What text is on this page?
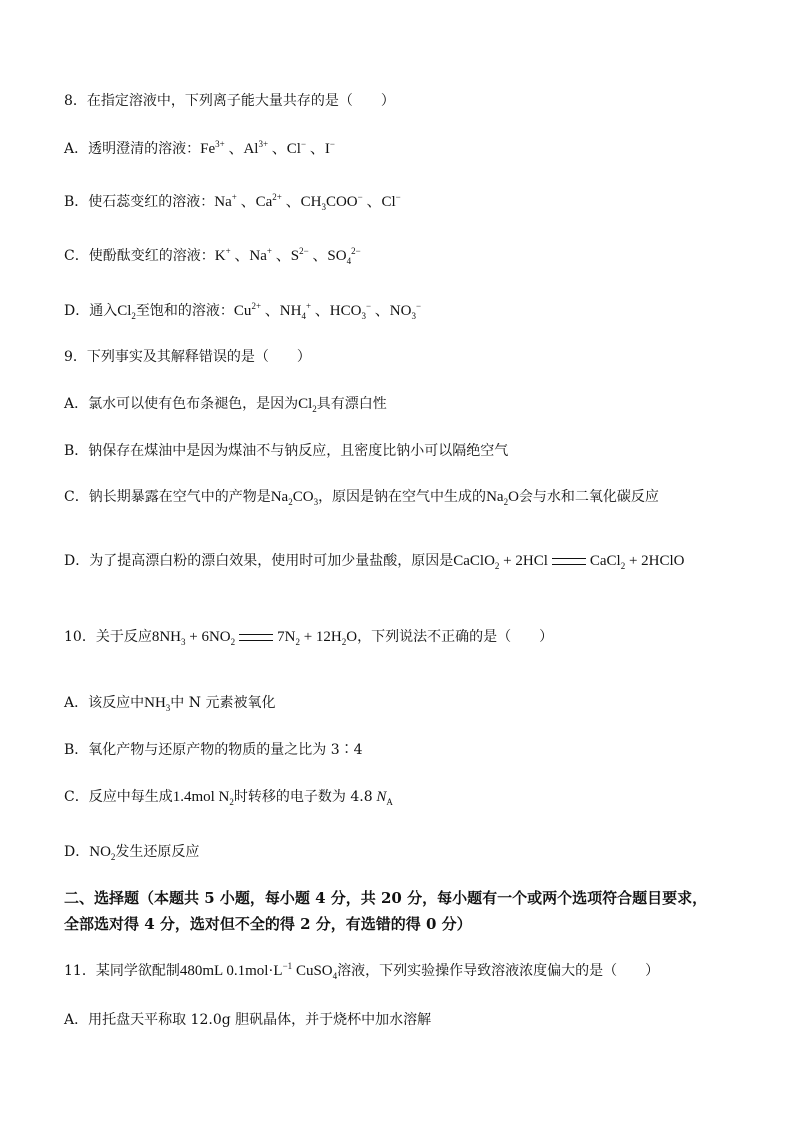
8．在指定溶液中，下列离子能大量共存的是（　　）
A．透明澄清的溶液：$Fe^{3+}$ 、$Al^{3+}$ 、Cl− 、I−
B．使石蕊变红的溶液：Na+ 、$Ca^{2+}$ 、$CH_3COO^-$ 、Cl−
C．使酚酞变红的溶液：K+ 、Na+ 、$S^{2-}$ 、$SO_4^{2-}$
D．通入$Cl_2$至饱和的溶液：$Cu^{2+}$ 、$NH_4^+$ 、$HCO_3^-$ 、$NO_3^-$
9．下列事实及其解释错误的是（　　）
A．氯水可以使有色布条褪色，是因为$Cl_2$具有漂白性
B．钠保存在煤油中是因为煤油不与钠反应，且密度比钠小可以隔绝空气
C．钠长期暴露在空气中的产物是$Na_2CO_3$，原因是钠在空气中生成的$Na_2O$会与水和二氧化碳反应
D．为了提高漂白粉的漂白效果，使用时可加少量盐酸，原因是CaClO$_2$ + 2HCl	CaCl$_2$ + 2HClO
10．关于反应$8NH_3 + 6NO_2$	$7N_2 + 12H_2O$，下列说法不正确的是（　　）
A．该反应中$NH_3$中 N 元素被氧化
B．氧化产物与还原产物的物质的量之比为 3∶4
C．反应中每生成1.4mol $N_2$时转移的电子数为 4.8 $N_A$
D．$NO_2$发生还原反应
二、选择题（本题共 5 小题，每小题 4 分，共 20 分，每小题有一个或两个选项符合题目要求，
全部选对得 4 分，选对但不全的得 2 分，有选错的得 0 分）
11．某同学欲配制480mL $0.1mol\cdot L^{-1}$ CuSO$_4$溶液，下列实验操作导致溶液浓度偏大的是（　　）
A．用托盘天平称取 12.0g 胆矾晶体，并于烧杯中加水溶解
